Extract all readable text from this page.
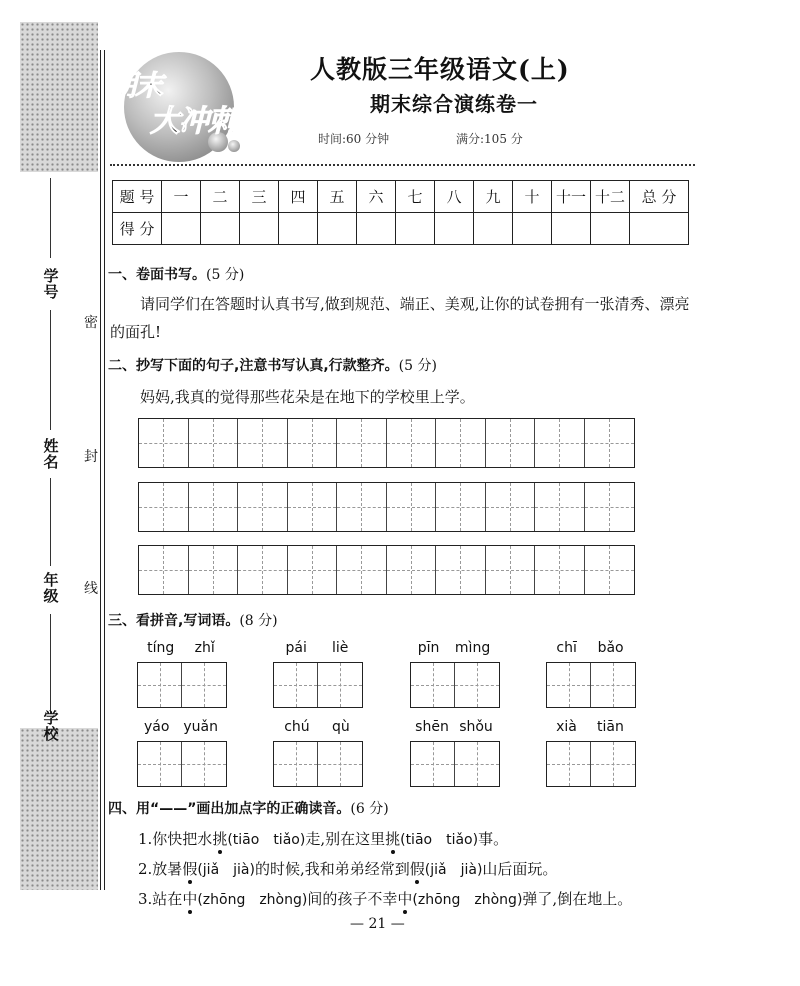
学号
姓名
年级
学校
密
封
线
期末
大冲刺
人教版三年级语文(上)
期末综合演练卷一
时间:60 分钟	满分:105 分
题 号	一	二	三	四	五	六	七	八	九	十	十一	十二	总 分
得 分													
一、卷面书写。(5 分)
请同学们在答题时认真书写,做到规范、端正、美观,让你的试卷拥有一张清秀、漂亮的面孔!
二、抄写下面的句子,注意书写认真,行款整齐。(5 分)
妈妈,我真的觉得那些花朵是在地下的学校里上学。
三、看拼音,写词语。(8 分)
tíng zhǐ	pái liè	pīn mìng	chī bǎo
yáo yuǎn	chú qù	shēn shǒu	xià tiān
四、用“——”画出加点字的正确读音。(6 分)
1.你快把水挑(tiāo　tiǎo)走,别在这里挑(tiāo　tiǎo)事。
2.放暑假(jiǎ　jià)的时候,我和弟弟经常到假(jiǎ　jià)山后面玩。
3.站在中(zhōng　zhòng)间的孩子不幸中(zhōng　zhòng)弹了,倒在地上。
— 21 —
